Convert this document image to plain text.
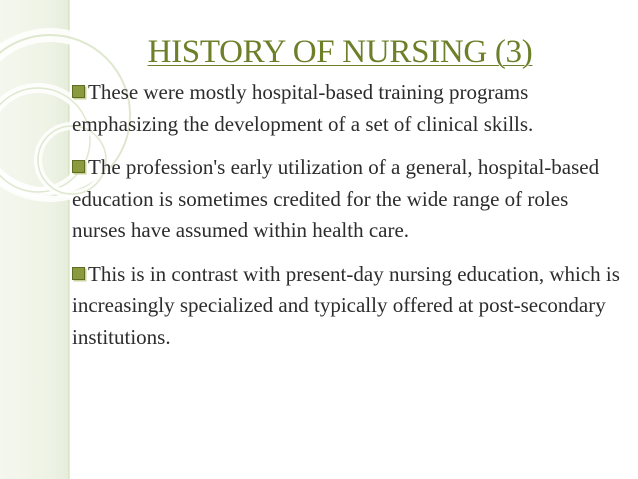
HISTORY OF NURSING (3)

These were mostly hospital-based training programs emphasizing the development of a set of clinical skills.

The profession's early utilization of a general, hospital-based education is sometimes credited for the wide range of roles nurses have assumed within health care.

This is in contrast with present-day nursing education, which is increasingly specialized and typically offered at post-secondary institutions.
